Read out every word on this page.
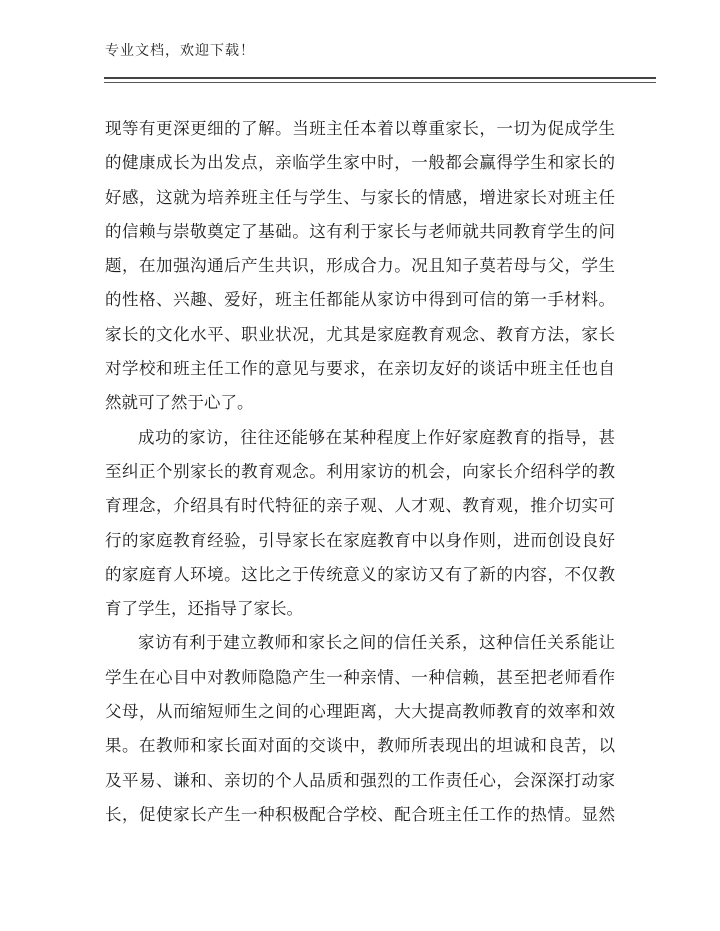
专业文档，欢迎下载！
现等有更深更细的了解。当班主任本着以尊重家长，一切为促成学生
的健康成长为出发点，亲临学生家中时，一般都会赢得学生和家长的
好感，这就为培养班主任与学生、与家长的情感，增进家长对班主任
的信赖与崇敬奠定了基础。这有利于家长与老师就共同教育学生的问
题，在加强沟通后产生共识，形成合力。况且知子莫若母与父，学生
的性格、兴趣、爱好，班主任都能从家访中得到可信的第一手材料。
家长的文化水平、职业状况，尤其是家庭教育观念、教育方法，家长
对学校和班主任工作的意见与要求，在亲切友好的谈话中班主任也自
然就可了然于心了。
成功的家访，往往还能够在某种程度上作好家庭教育的指导，甚
至纠正个别家长的教育观念。利用家访的机会，向家长介绍科学的教
育理念，介绍具有时代特征的亲子观、人才观、教育观，推介切实可
行的家庭教育经验，引导家长在家庭教育中以身作则，进而创设良好
的家庭育人环境。这比之于传统意义的家访又有了新的内容，不仅教
育了学生，还指导了家长。
家访有利于建立教师和家长之间的信任关系，这种信任关系能让
学生在心目中对教师隐隐产生一种亲情、一种信赖，甚至把老师看作
父母，从而缩短师生之间的心理距离，大大提高教师教育的效率和效
果。在教师和家长面对面的交谈中，教师所表现出的坦诚和良苦，以
及平易、谦和、亲切的个人品质和强烈的工作责任心，会深深打动家
长，促使家长产生一种积极配合学校、配合班主任工作的热情。显然
